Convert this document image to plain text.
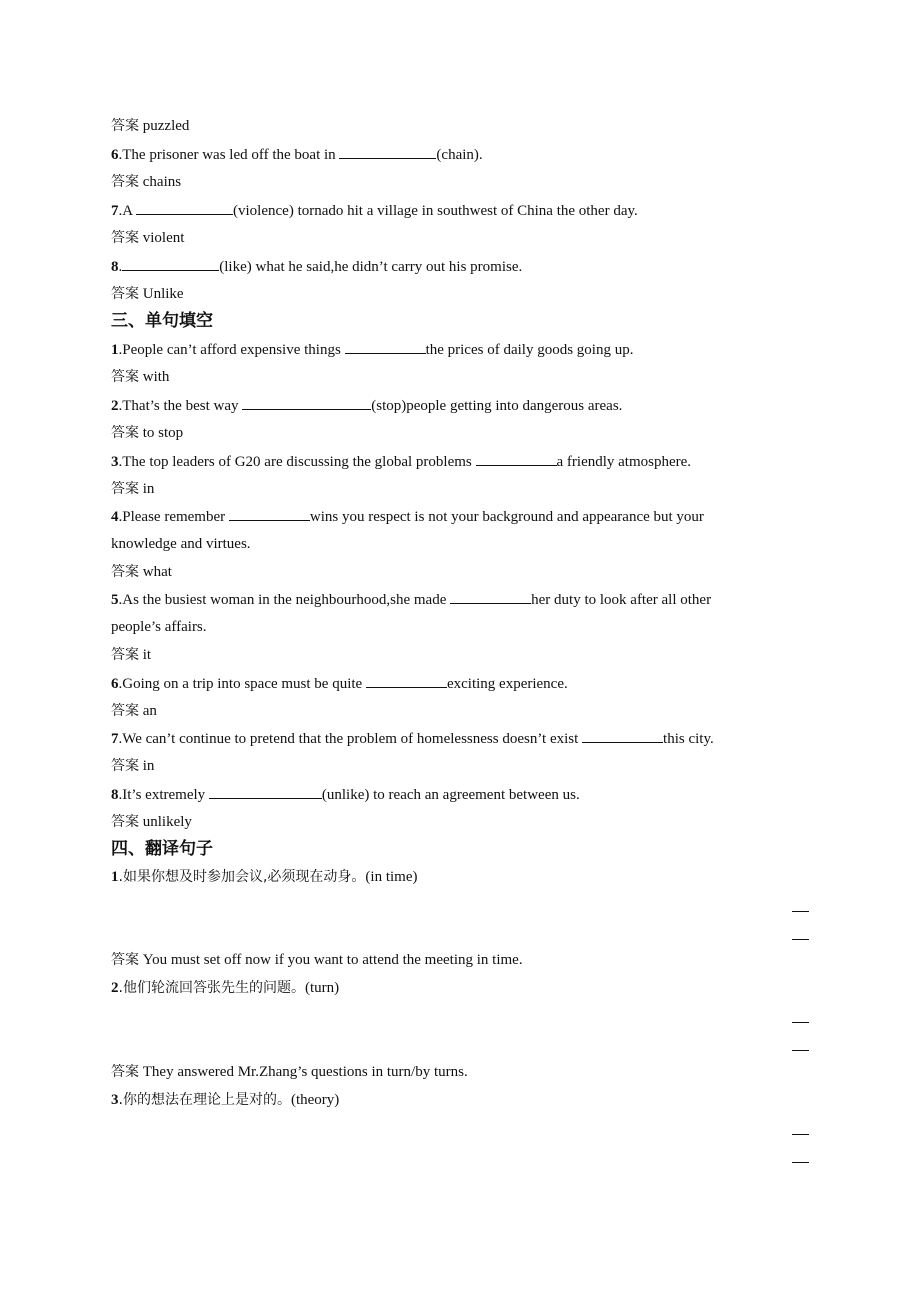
答案 puzzled
6.The prisoner was led off the boat in	(chain).
答案 chains
7.A	(violence) tornado hit a village in southwest of China the other day.
答案 violent
8.	(like) what he said,he didn’t carry out his promise.
答案 Unlike
三、单句填空
1.People can’t afford expensive things	the prices of daily goods going up.
答案 with
2.That’s the best way	(stop)people getting into dangerous areas.
答案 to stop
3.The top leaders of G20 are discussing the global problems	a friendly atmosphere.
答案 in
4.Please remember	wins you respect is not your background and appearance but your
knowledge and virtues.
答案 what
5.As the busiest woman in the neighbourhood,she made	her duty to look after all other
people’s affairs.
答案 it
6.Going on a trip into space must be quite	exciting experience.
答案 an
7.We can’t continue to pretend that the problem of homelessness doesn’t exist	this city.
答案 in
8.It’s extremely	(unlike) to reach an agreement between us.
答案 unlikely
四、翻译句子
1.如果你想及时参加会议,必须现在动身。(in time)
答案 You must set off now if you want to attend the meeting in time.
2.他们轮流回答张先生的问题。(turn)
答案 They answered Mr.Zhang’s questions in turn/by turns.
3.你的想法在理论上是对的。(theory)
